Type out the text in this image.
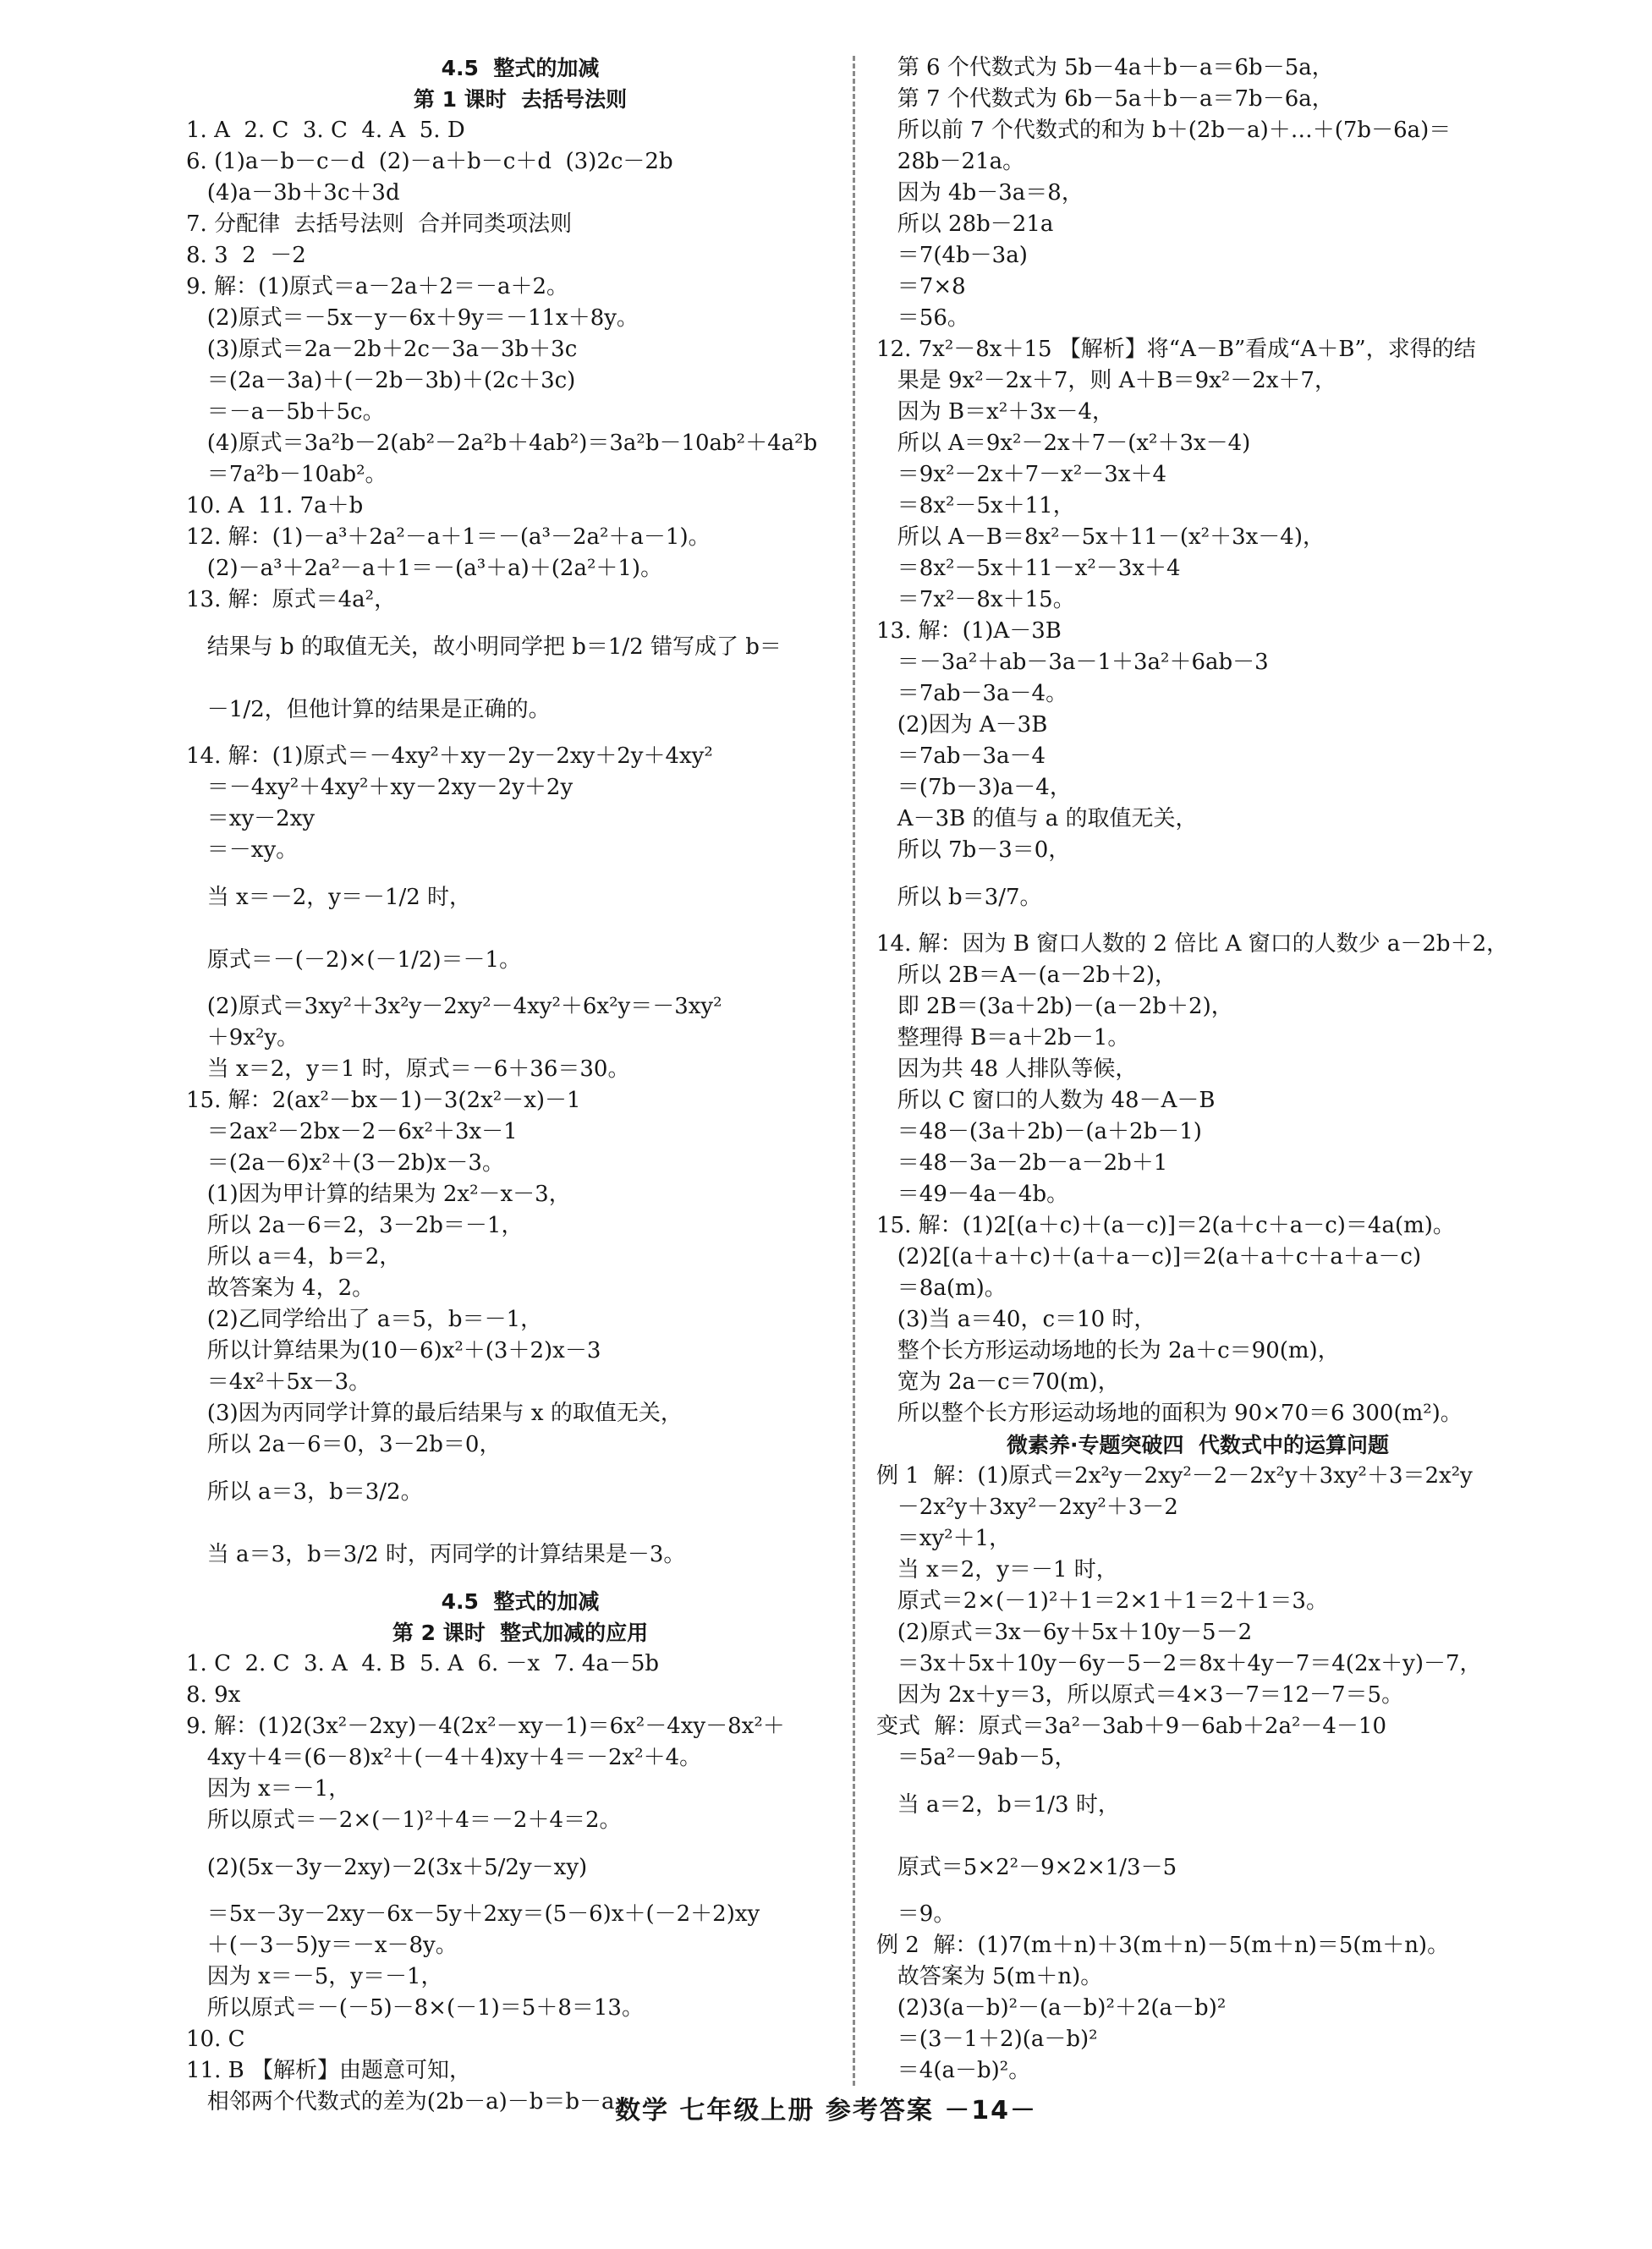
4.5  整式的加减
第 1 课时  去括号法则
1. A  2. C  3. C  4. A  5. D
6. (1)a－b－c－d  (2)－a＋b－c＋d  (3)2c－2b
(4)a－3b＋3c＋3d
7. 分配律  去括号法则  合并同类项法则
8. 3  2  －2
9. 解：(1)原式＝a－2a＋2＝－a＋2。
(2)原式＝－5x－y－6x＋9y＝－11x＋8y。
(3)原式＝2a－2b＋2c－3a－3b＋3c
＝(2a－3a)＋(－2b－3b)＋(2c＋3c)
＝－a－5b＋5c。
(4)原式＝3a²b－2(ab²－2a²b＋4ab²)＝3a²b－10ab²＋4a²b
＝7a²b－10ab²。
10. A  11. 7a＋b
12. 解：(1)－a³＋2a²－a＋1＝－(a³－2a²＋a－1)。
(2)－a³＋2a²－a＋1＝－(a³＋a)＋(2a²＋1)。
13. 解：原式＝4a²，
结果与 b 的取值无关，故小明同学把 b＝1/2 错写成了 b＝
－1/2，但他计算的结果是正确的。
14. 解：(1)原式＝－4xy²＋xy－2y－2xy＋2y＋4xy²
＝－4xy²＋4xy²＋xy－2xy－2y＋2y
＝xy－2xy
＝－xy。
当 x＝－2，y＝－1/2 时，
原式＝－(－2)×(－1/2)＝－1。
(2)原式＝3xy²＋3x²y－2xy²－4xy²＋6x²y＝－3xy²
＋9x²y。
当 x＝2，y＝1 时，原式＝－6＋36＝30。
15. 解：2(ax²－bx－1)－3(2x²－x)－1
＝2ax²－2bx－2－6x²＋3x－1
＝(2a－6)x²＋(3－2b)x－3。
(1)因为甲计算的结果为 2x²－x－3，
所以 2a－6＝2，3－2b＝－1，
所以 a＝4，b＝2，
故答案为 4，2。
(2)乙同学给出了 a＝5，b＝－1，
所以计算结果为(10－6)x²＋(3＋2)x－3
＝4x²＋5x－3。
(3)因为丙同学计算的最后结果与 x 的取值无关，
所以 2a－6＝0，3－2b＝0，
所以 a＝3，b＝3/2。
当 a＝3，b＝3/2 时，丙同学的计算结果是－3。
4.5  整式的加减
第 2 课时  整式加减的应用
1. C  2. C  3. A  4. B  5. A  6. －x  7. 4a－5b
8. 9x
9. 解：(1)2(3x²－2xy)－4(2x²－xy－1)＝6x²－4xy－8x²＋
4xy＋4＝(6－8)x²＋(－4＋4)xy＋4＝－2x²＋4。
因为 x＝－1，
所以原式＝－2×(－1)²＋4＝－2＋4＝2。
(2)(5x－3y－2xy)－2(3x＋5/2y－xy)
＝5x－3y－2xy－6x－5y＋2xy＝(5－6)x＋(－2＋2)xy
＋(－3－5)y＝－x－8y。
因为 x＝－5，y＝－1，
所以原式＝－(－5)－8×(－1)＝5＋8＝13。
10. C
11. B 【解析】由题意可知，
相邻两个代数式的差为(2b－a)－b＝b－a，
第 6 个代数式为 5b－4a＋b－a＝6b－5a，
第 7 个代数式为 6b－5a＋b－a＝7b－6a，
所以前 7 个代数式的和为 b＋(2b－a)＋…＋(7b－6a)＝
28b－21a。
因为 4b－3a＝8，
所以 28b－21a
＝7(4b－3a)
＝7×8
＝56。
12. 7x²－8x＋15 【解析】将“A－B”看成“A＋B”，求得的结
果是 9x²－2x＋7，则 A＋B＝9x²－2x＋7，
因为 B＝x²＋3x－4，
所以 A＝9x²－2x＋7－(x²＋3x－4)
＝9x²－2x＋7－x²－3x＋4
＝8x²－5x＋11，
所以 A－B＝8x²－5x＋11－(x²＋3x－4)，
＝8x²－5x＋11－x²－3x＋4
＝7x²－8x＋15。
13. 解：(1)A－3B
＝－3a²＋ab－3a－1＋3a²＋6ab－3
＝7ab－3a－4。
(2)因为 A－3B
＝7ab－3a－4
＝(7b－3)a－4，
A－3B 的值与 a 的取值无关，
所以 7b－3＝0，
所以 b＝3/7。
14. 解：因为 B 窗口人数的 2 倍比 A 窗口的人数少 a－2b＋2，
所以 2B＝A－(a－2b＋2)，
即 2B＝(3a＋2b)－(a－2b＋2)，
整理得 B＝a＋2b－1。
因为共 48 人排队等候，
所以 C 窗口的人数为 48－A－B
＝48－(3a＋2b)－(a＋2b－1)
＝48－3a－2b－a－2b＋1
＝49－4a－4b。
15. 解：(1)2[(a＋c)＋(a－c)]＝2(a＋c＋a－c)＝4a(m)。
(2)2[(a＋a＋c)＋(a＋a－c)]＝2(a＋a＋c＋a＋a－c)
＝8a(m)。
(3)当 a＝40，c＝10 时，
整个长方形运动场地的长为 2a＋c＝90(m)，
宽为 2a－c＝70(m)，
所以整个长方形运动场地的面积为 90×70＝6 300(m²)。
微素养·专题突破四  代数式中的运算问题
例 1  解：(1)原式＝2x²y－2xy²－2－2x²y＋3xy²＋3＝2x²y
－2x²y＋3xy²－2xy²＋3－2
＝xy²＋1，
当 x＝2，y＝－1 时，
原式＝2×(－1)²＋1＝2×1＋1＝2＋1＝3。
(2)原式＝3x－6y＋5x＋10y－5－2
＝3x＋5x＋10y－6y－5－2＝8x＋4y－7＝4(2x＋y)－7，
因为 2x＋y＝3，所以原式＝4×3－7＝12－7＝5。
变式  解：原式＝3a²－3ab＋9－6ab＋2a²－4－10
＝5a²－9ab－5，
当 a＝2，b＝1/3 时，
原式＝5×2²－9×2×1/3－5
＝9。
例 2  解：(1)7(m＋n)＋3(m＋n)－5(m＋n)＝5(m＋n)。
故答案为 5(m＋n)。
(2)3(a－b)²－(a－b)²＋2(a－b)²
＝(3－1＋2)(a－b)²
＝4(a－b)²。
数学 七年级上册 参考答案 －14－
